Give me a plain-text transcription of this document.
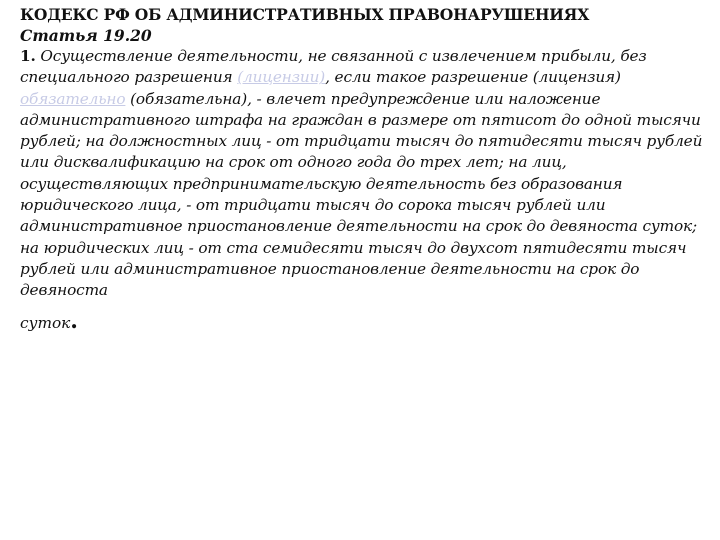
КОДЕКС РФ ОБ АДМИНИСТРАТИВНЫХ ПРАВОНАРУШЕНИЯХ

Статья 19.20

1. Осуществление деятельности, не связанной с извлечением прибыли, без специального разрешения (лицензии), если такое разрешение (лицензия) обязательно (обязательна), - влечет предупреждение или наложение административного штрафа на граждан в размере от пятисот до одной тысячи рублей; на должностных лиц - от тридцати тысяч до пятидесяти тысяч рублей или дисквалификацию на срок от одного года до трех лет; на лиц, осуществляющих предпринимательскую деятельность без образования юридического лица, - от тридцати тысяч до сорока тысяч рублей или административное приостановление деятельности на срок до девяноста суток; на юридических лиц - от ста семидесяти тысяч до двухсот пятидесяти тысяч рублей или административное приостановление деятельности на срок до девяноста

суток.
